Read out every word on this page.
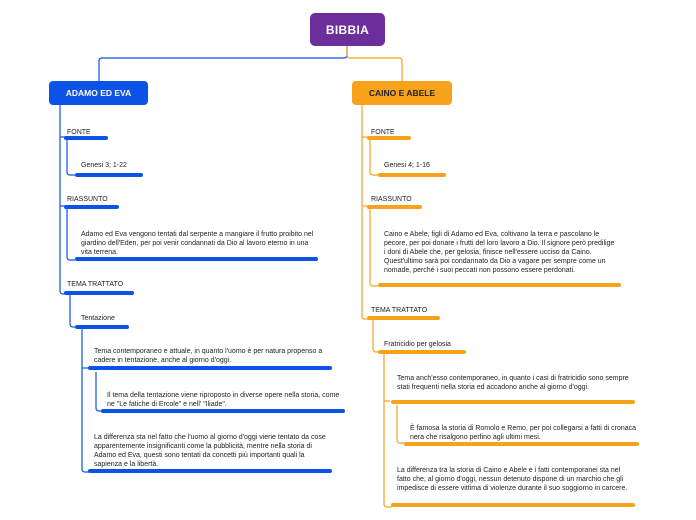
BIBBIA
ADAMO ED EVA
FONTE
Genesi 3; 1-22
RIASSUNTO
Adamo ed Eva vengono tentati dal serpente a mangiare il frutto proibito nel giardino dell'Eden, per poi venir condannati da Dio al lavoro eterno in una vita terrena.
TEMA TRATTATO
Tentazione
Tema contemporaneo e attuale, in quanto l'uomo è per natura propenso a cadere in tentazione, anche al giorno d'oggi.
Il tema della tentazione viene riproposto in diverse opere nella storia, come ne "Le fatiche di Ercole" e nell' "Iliade".
La differenza sta nel fatto che l'uomo al giorno d'oggi viene tentato da cose apparentemente insignificanti come la pubblicità, mentre nella storia di Adamo ed Eva, questi sono tentati da concetti più importanti quali la sapienza e la libertà.
CAINO E ABELE
FONTE
Genesi 4; 1-16
RIASSUNTO
Caino e Abele, figli di Adamo ed Eva, coltivano la terra e pascolano le pecore, per poi donare i frutti del loro lavoro a Dio. Il signore però predilige i doni di Abele che, per gelosia, finisce nell'essere ucciso da Caino. Quest'ultimo sarà poi condannato da Dio a vagare per sempre come un nomade, perché i suoi peccati non possono essere perdonati.
TEMA TRATTATO
Fratricidio per gelosia
Tema anch'esso contemporaneo, in quanto i casi di fratricidio sono sempre stati frequenti nella storia ed accadono anche al giorno d'oggi.
È famosa la storia di Romolo e Remo, per poi collegarsi a fatti di cronaca nera che risalgono perfino agli ultimi mesi.
La differenza tra la storia di Caino e Abele e i fatti contemporanei sta nel fatto che, al giorno d'oggi, nessun detenuto dispone di un marchio che gli impedisce di essere vittima di violenze durante il suo soggiorno in carcere.
